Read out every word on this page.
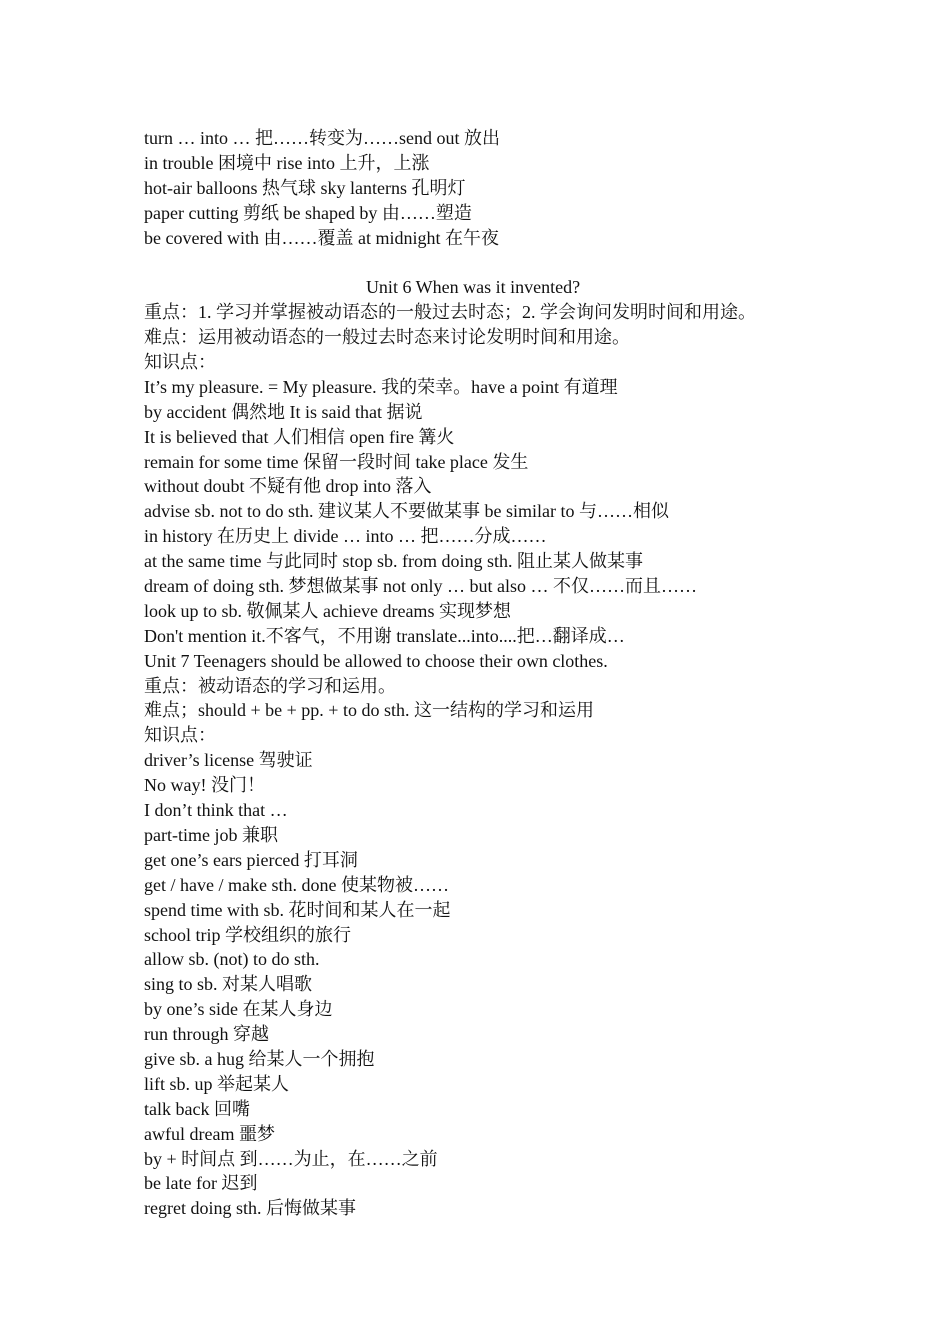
turn … into … 把……转变为……send out 放出
in trouble 困境中 rise into 上升，上涨
hot-air balloons 热气球 sky lanterns 孔明灯
paper cutting 剪纸 be shaped by 由……塑造
be covered with 由……覆盖 at midnight 在午夜
Unit 6 When was it invented?
重点：1. 学习并掌握被动语态的一般过去时态；2. 学会询问发明时间和用途。
难点：运用被动语态的一般过去时态来讨论发明时间和用途。
知识点：
It’s my pleasure. = My pleasure. 我的荣幸。have a point 有道理
by accident 偶然地 It is said that 据说
It is believed that 人们相信 open fire 篝火
remain for some time 保留一段时间 take place 发生
without doubt 不疑有他 drop into 落入
advise sb. not to do sth. 建议某人不要做某事 be similar to 与……相似
in history 在历史上 divide … into … 把……分成……
at the same time 与此同时 stop sb. from doing sth. 阻止某人做某事
dream of doing sth. 梦想做某事 not only … but also … 不仅……而且……
look up to sb. 敬佩某人 achieve dreams 实现梦想
Don't mention it.不客气，不用谢 translate...into....把…翻译成…
Unit 7 Teenagers should be allowed to choose their own clothes.
重点：被动语态的学习和运用。
难点；should + be + pp. + to do sth. 这一结构的学习和运用
知识点：
driver’s license 驾驶证
No way! 没门！
I don’t think that …
part-time job 兼职
get one’s ears pierced 打耳洞
get / have / make sth. done 使某物被……
spend time with sb. 花时间和某人在一起
school trip 学校组织的旅行
allow sb. (not) to do sth.
sing to sb. 对某人唱歌
by one’s side 在某人身边
run through 穿越
give sb. a hug 给某人一个拥抱
lift sb. up 举起某人
talk back 回嘴
awful dream 噩梦
by + 时间点 到……为止，在……之前
be late for 迟到
regret doing sth. 后悔做某事
